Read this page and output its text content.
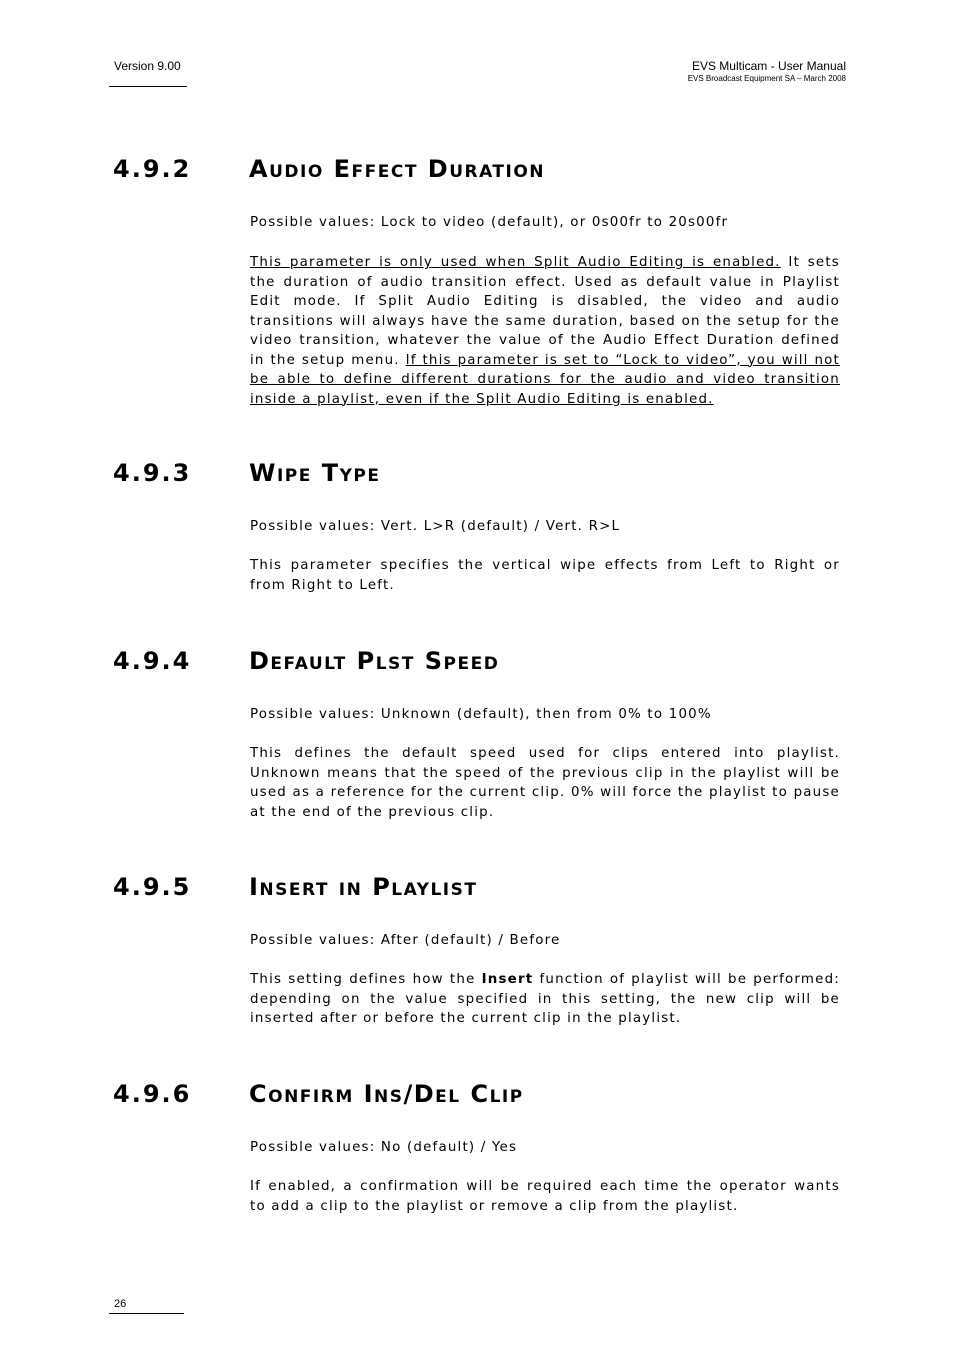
Version 9.00	EVS Multicam - User Manual
EVS Broadcast Equipment SA – March 2008
4.9.2 Audio Effect Duration

Possible values: Lock to video (default), or 0s00fr to 20s00fr

This parameter is only used when Split Audio Editing is enabled. It sets the duration of audio transition effect. Used as default value in Playlist Edit mode. If Split Audio Editing is disabled, the video and audio transitions will always have the same duration, based on the setup for the video transition, whatever the value of the Audio Effect Duration defined in the setup menu. If this parameter is set to “Lock to video”, you will not be able to define different durations for the audio and video transition inside a playlist, even if the Split Audio Editing is enabled.

4.9.3 Wipe Type

Possible values: Vert. L>R (default) / Vert. R>L

This parameter specifies the vertical wipe effects from Left to Right or from Right to Left.

4.9.4 Default Plst Speed

Possible values: Unknown (default), then from 0% to 100%

This defines the default speed used for clips entered into playlist. Unknown means that the speed of the previous clip in the playlist will be used as a reference for the current clip. 0% will force the playlist to pause at the end of the previous clip.

4.9.5 Insert in Playlist

Possible values: After (default) / Before

This setting defines how the Insert function of playlist will be performed: depending on the value specified in this setting, the new clip will be inserted after or before the current clip in the playlist.

4.9.6 Confirm Ins/Del Clip

Possible values: No (default) / Yes

If enabled, a confirmation will be required each time the operator wants to add a clip to the playlist or remove a clip from the playlist.

26
